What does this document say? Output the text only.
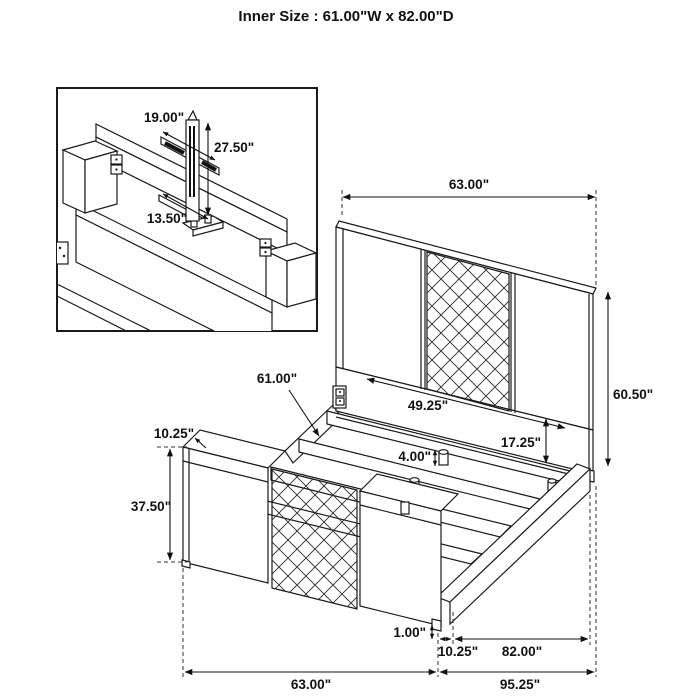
Inner Size : 61.00"W x 82.00"D
63.00"
60.50"
61.00"
49.25"
4.00"
17.25"
10.25"
37.50"
1.00"
10.25" 82.00"
63.00"	95.25"
19.00"
27.50"
13.50"
